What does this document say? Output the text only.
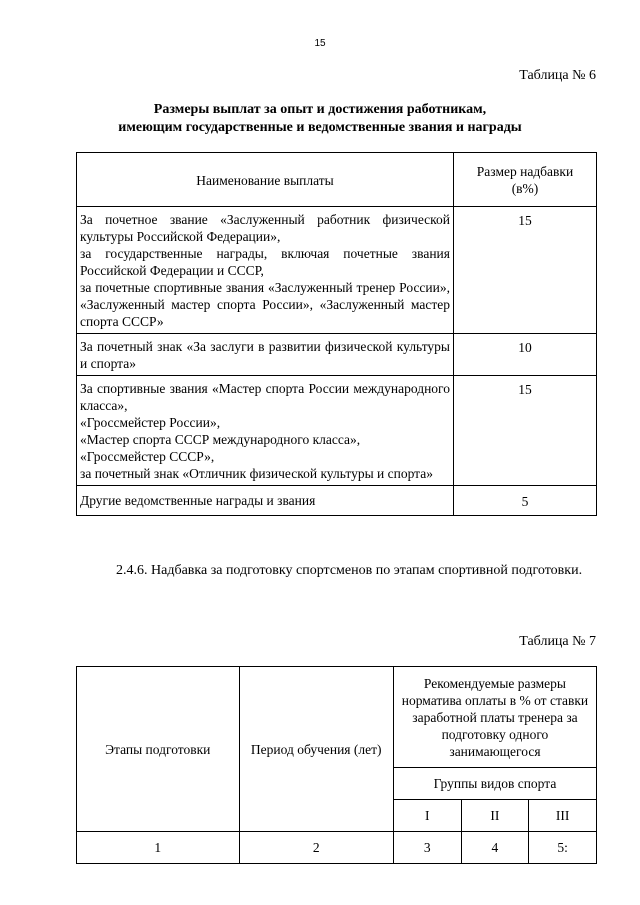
15
Таблица № 6
Размеры выплат за опыт и достижения работникам,
имеющим государственные и ведомственные звания и награды
Наименование выплаты	Размер надбавки (в%)

За почетное звание «Заслуженный работник физической культуры Российской Федерации»,
за государственные награды, включая почетные звания Российской Федерации и СССР,
за почетные спортивные звания «Заслуженный тренер России», «Заслуженный мастер спорта России», «Заслуженный мастер спорта СССР»	15

За почетный знак «За заслуги в развитии физической культуры и спорта»	10

За спортивные звания «Мастер спорта России международного класса»,
«Гроссмейстер России»,
«Мастер спорта СССР международного класса»,
«Гроссмейстер СССР»,
за почетный знак «Отличник физической культуры и спорта»	15

Другие ведомственные награды и звания	5
2.4.6. Надбавка за подготовку спортсменов по этапам спортивной подготовки.
Таблица № 7
Этапы подготовки	Период обучения (лет)	Рекомендуемые размеры норматива оплаты в % от ставки заработной платы тренера за подготовку одного занимающегося		
		Группы видов спорта		
		I	II	III
1	2	3	4	5:
